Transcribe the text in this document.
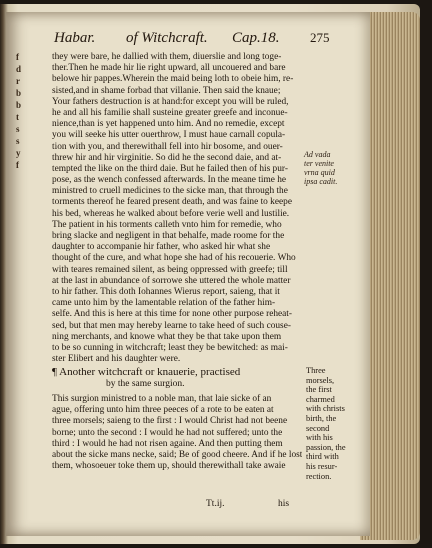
f
d
r
b
b
t
s
s
y
f
Habar. of Witchcraft. Cap.18. 275
they were bare, he dallied with them, diuerslie and long toge-
ther.Then he made hir lie right upward, all uncouered and bare
belowe hir pappes.Wherein the maid being loth to obeie him, re-
sisted,and in shame forbad that villanie. Then said the knaue;
Your fathers destruction is at hand:for except you will be ruled,
he and all his familie shall susteine greater greefe and inconue-
nience,than is yet happened unto him. And no remedie, except
you will seeke his utter ouerthrow, I must haue carnall copula-
tion with you, and therewithall fell into hir bosome, and ouer-
threw hir and hir virginitie. So did he the second daie, and at-
tempted the like on the third daie. But he failed then of his pur-
pose, as the wench confessed afterwards. In the meane time he
ministred to cruell medicines to the sicke man, that through the
torments thereof he feared present death, and was faine to keepe
his bed, whereas he walked about before verie well and lustilie.
The patient in his torments calleth vnto him for remedie, who
bring slacke and negligent in that behalfe, made roome for the
daughter to accompanie hir father, who asked hir what she
thought of the cure, and what hope she had of his recouerie. Who
with teares remained silent, as being oppressed with greefe; till
at the last in abundance of sorrowe she uttered the whole matter
to hir father. This doth Iohannes Wierus report, saieng, that it
came unto him by the lamentable relation of the father him-
selfe. And this is here at this time for none other purpose reheat-
sed, but that men may hereby learne to take heed of such couse-
ning merchants, and knowe what they be that take upon them
to be so cunning in witchcraft; least they be bewitched: as mai-
ster Elibert and his daughter were.
Ad vada
ter venite
vrna quid
ipsa cadit.
¶ Another witchcraft or knauerie, practised
by the same surgion.
This surgion ministred to a noble man, that laie sicke of an
ague, offering unto him three peeces of a rote to be eaten at
three morsels; saieng to the first : I would Christ had not beene
borne; unto the second : I would he had not suffered; unto the
third : I would he had not risen againe. And then putting them
about the sicke mans necke, said; Be of good cheere. And if he lost
them, whosoeuer toke them up, should therewithall take awaie
Three
morsels,
the first
charmed
with christs
birth, the
second
with his
passion, the
third with
his resur-
rection.
Tt.ij.	his
